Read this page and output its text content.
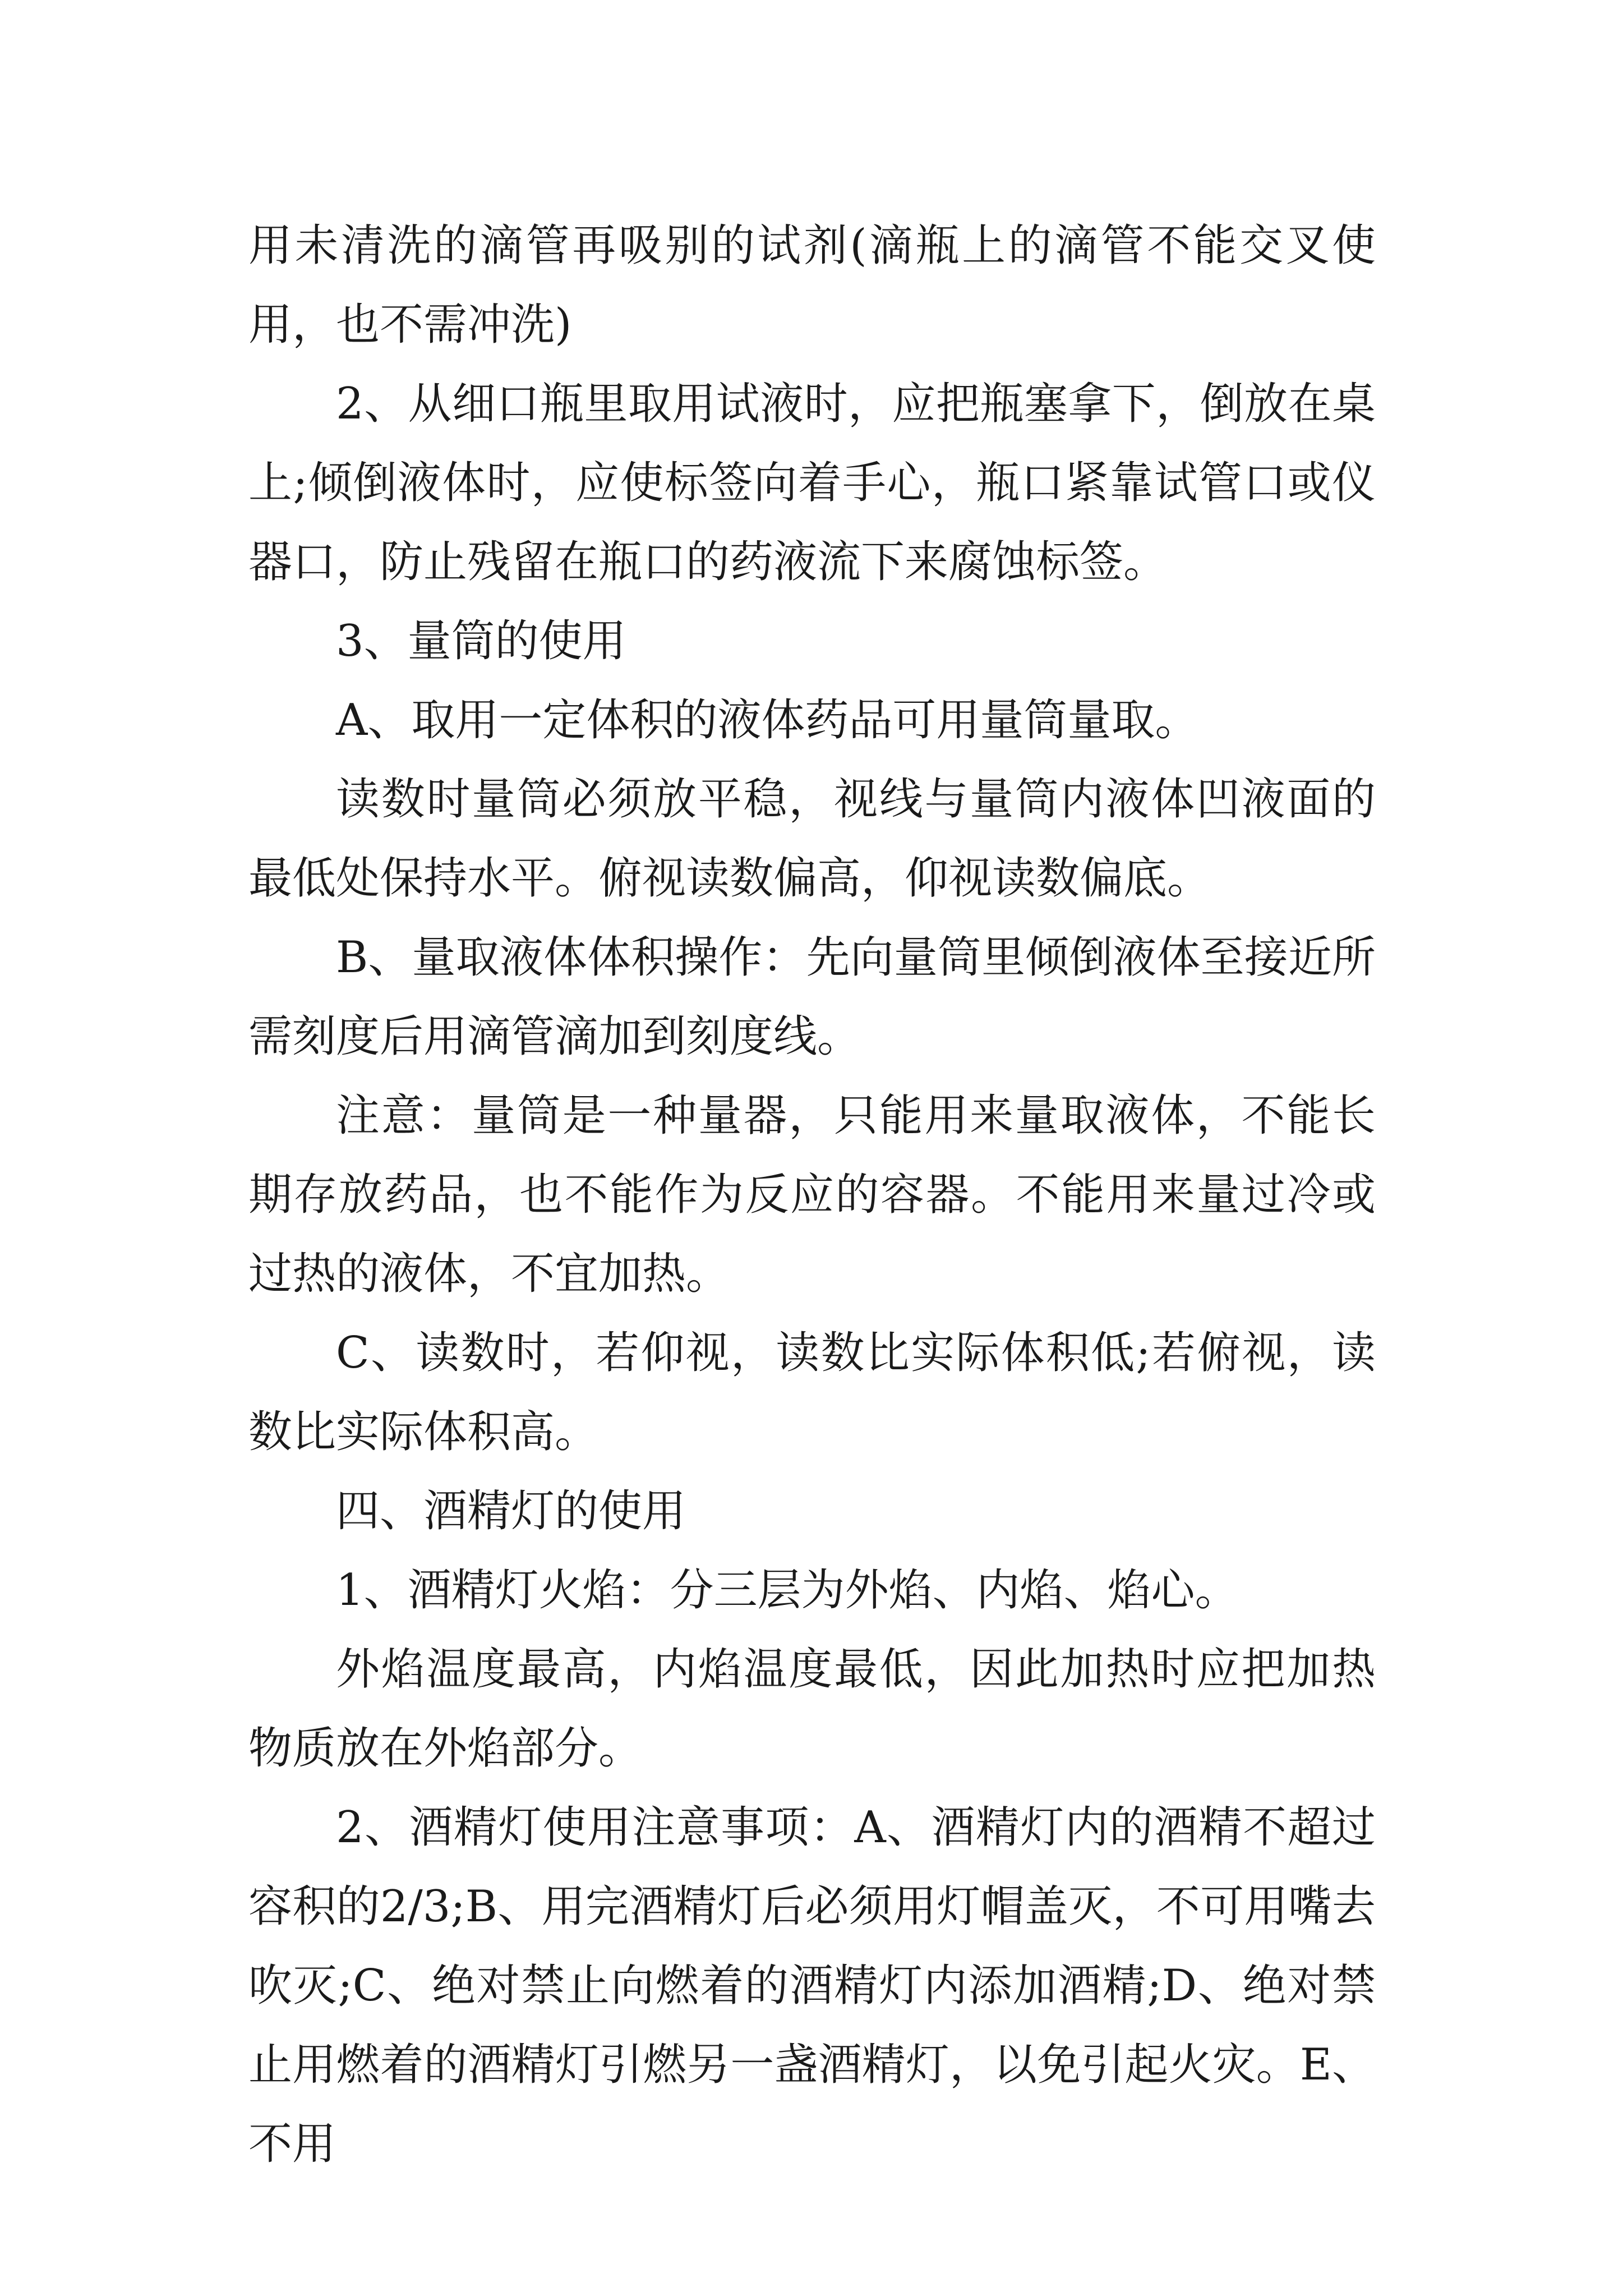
用未清洗的滴管再吸别的试剂(滴瓶上的滴管不能交叉使用，也不需冲洗)

2、从细口瓶里取用试液时，应把瓶塞拿下，倒放在桌上;倾倒液体时，应使标签向着手心，瓶口紧靠试管口或仪器口，防止残留在瓶口的药液流下来腐蚀标签。

3、量筒的使用

A、取用一定体积的液体药品可用量筒量取。

读数时量筒必须放平稳，视线与量筒内液体凹液面的最低处保持水平。俯视读数偏高，仰视读数偏底。

B、量取液体体积操作：先向量筒里倾倒液体至接近所需刻度后用滴管滴加到刻度线。

注意：量筒是一种量器，只能用来量取液体，不能长期存放药品，也不能作为反应的容器。不能用来量过冷或过热的液体，不宜加热。

C、读数时，若仰视，读数比实际体积低;若俯视，读数比实际体积高。

四、酒精灯的使用

1、酒精灯火焰：分三层为外焰、内焰、焰心。

外焰温度最高，内焰温度最低，因此加热时应把加热物质放在外焰部分。

2、酒精灯使用注意事项：A、酒精灯内的酒精不超过容积的2/3;B、用完酒精灯后必须用灯帽盖灭，不可用嘴去吹灭;C、绝对禁止向燃着的酒精灯内添加酒精;D、绝对禁止用燃着的酒精灯引燃另一盏酒精灯，以免引起火灾。E、不用
